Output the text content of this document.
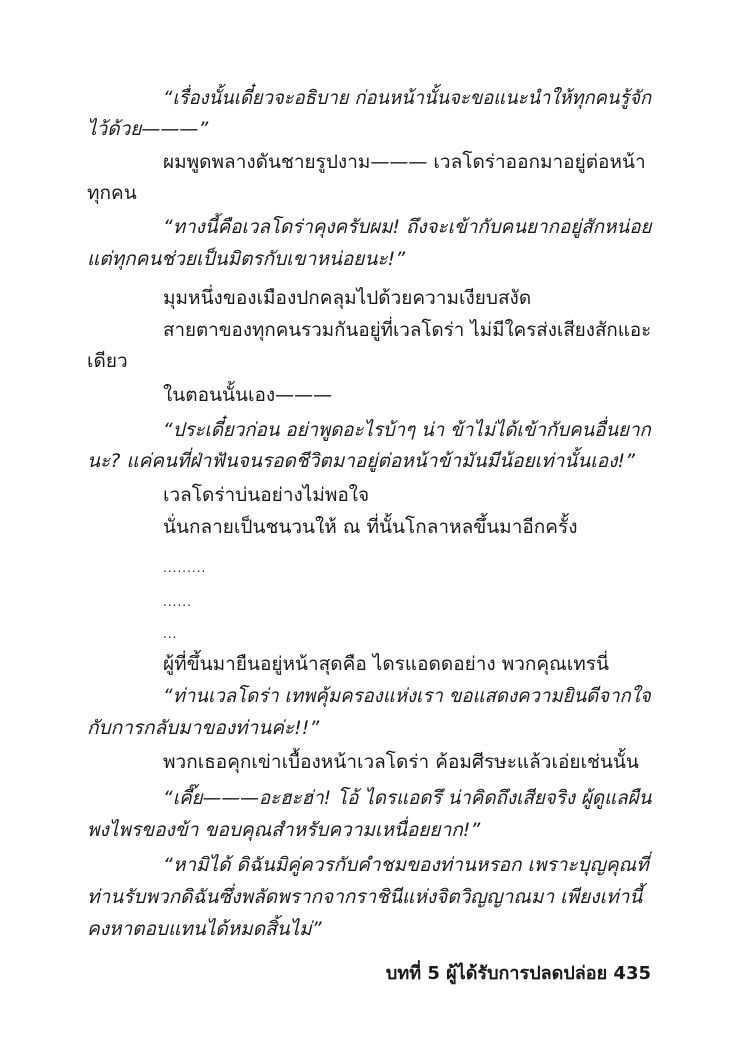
“เรื่องนั้นเดี๋ยวจะอธิบาย ก่อนหน้านั้นจะขอแนะนำให้ทุกคนรู้จัก
ไว้ด้วย———”
ผมพูดพลางดันชายรูปงาม——— เวลโดร่าออกมาอยู่ต่อหน้า
ทุกคน
“ทางนี้คือเวลโดร่าคุงครับผม! ถึงจะเข้ากับคนยากอยู่สักหน่อย
แต่ทุกคนช่วยเป็นมิตรกับเขาหน่อยนะ!”
มุมหนึ่งของเมืองปกคลุมไปด้วยความเงียบสงัด
สายตาของทุกคนรวมกันอยู่ที่เวลโดร่า ไม่มีใครส่งเสียงสักแอะ
เดียว
ในตอนนั้นเอง———
“ประเดี๋ยวก่อน อย่าพูดอะไรบ้าๆ น่า ข้าไม่ได้เข้ากับคนอื่นยาก
นะ? แค่คนที่ฝ่าฟันจนรอดชีวิตมาอยู่ต่อหน้าข้ามันมีน้อยเท่านั้นเอง!”
เวลโดร่าบ่นอย่างไม่พอใจ
นั่นกลายเป็นชนวนให้ ณ ที่นั้นโกลาหลขึ้นมาอีกครั้ง
.........
......
...
ผู้ที่ขึ้นมายืนอยู่หน้าสุดคือ ไดรแอดดอย่าง พวกคุณเทรนี่
“ท่านเวลโดร่า เทพคุ้มครองแห่งเรา ขอแสดงความยินดีจากใจ
กับการกลับมาของท่านค่ะ!!”
พวกเธอคุกเข่าเบื้องหน้าเวลโดร่า ค้อมศีรษะแล้วเอ่ยเช่นนั้น
“เคี๊ย———อะฮะฮ่า! โอ้ ไดรแอดรึ น่าคิดถึงเสียจริง ผู้ดูแลผืน
พงไพรของข้า ขอบคุณสำหรับความเหนื่อยยาก!”
“หามิได้ ดิฉันมิคู่ควรกับคำชมของท่านหรอก เพราะบุญคุณที่
ท่านรับพวกดิฉันซึ่งพลัดพรากจากราชินีแห่งจิตวิญญาณมา เพียงเท่านี้
คงหาตอบแทนได้หมดสิ้นไม่”
บทที่ 5 ผู้ได้รับการปลดปล่อย 435
